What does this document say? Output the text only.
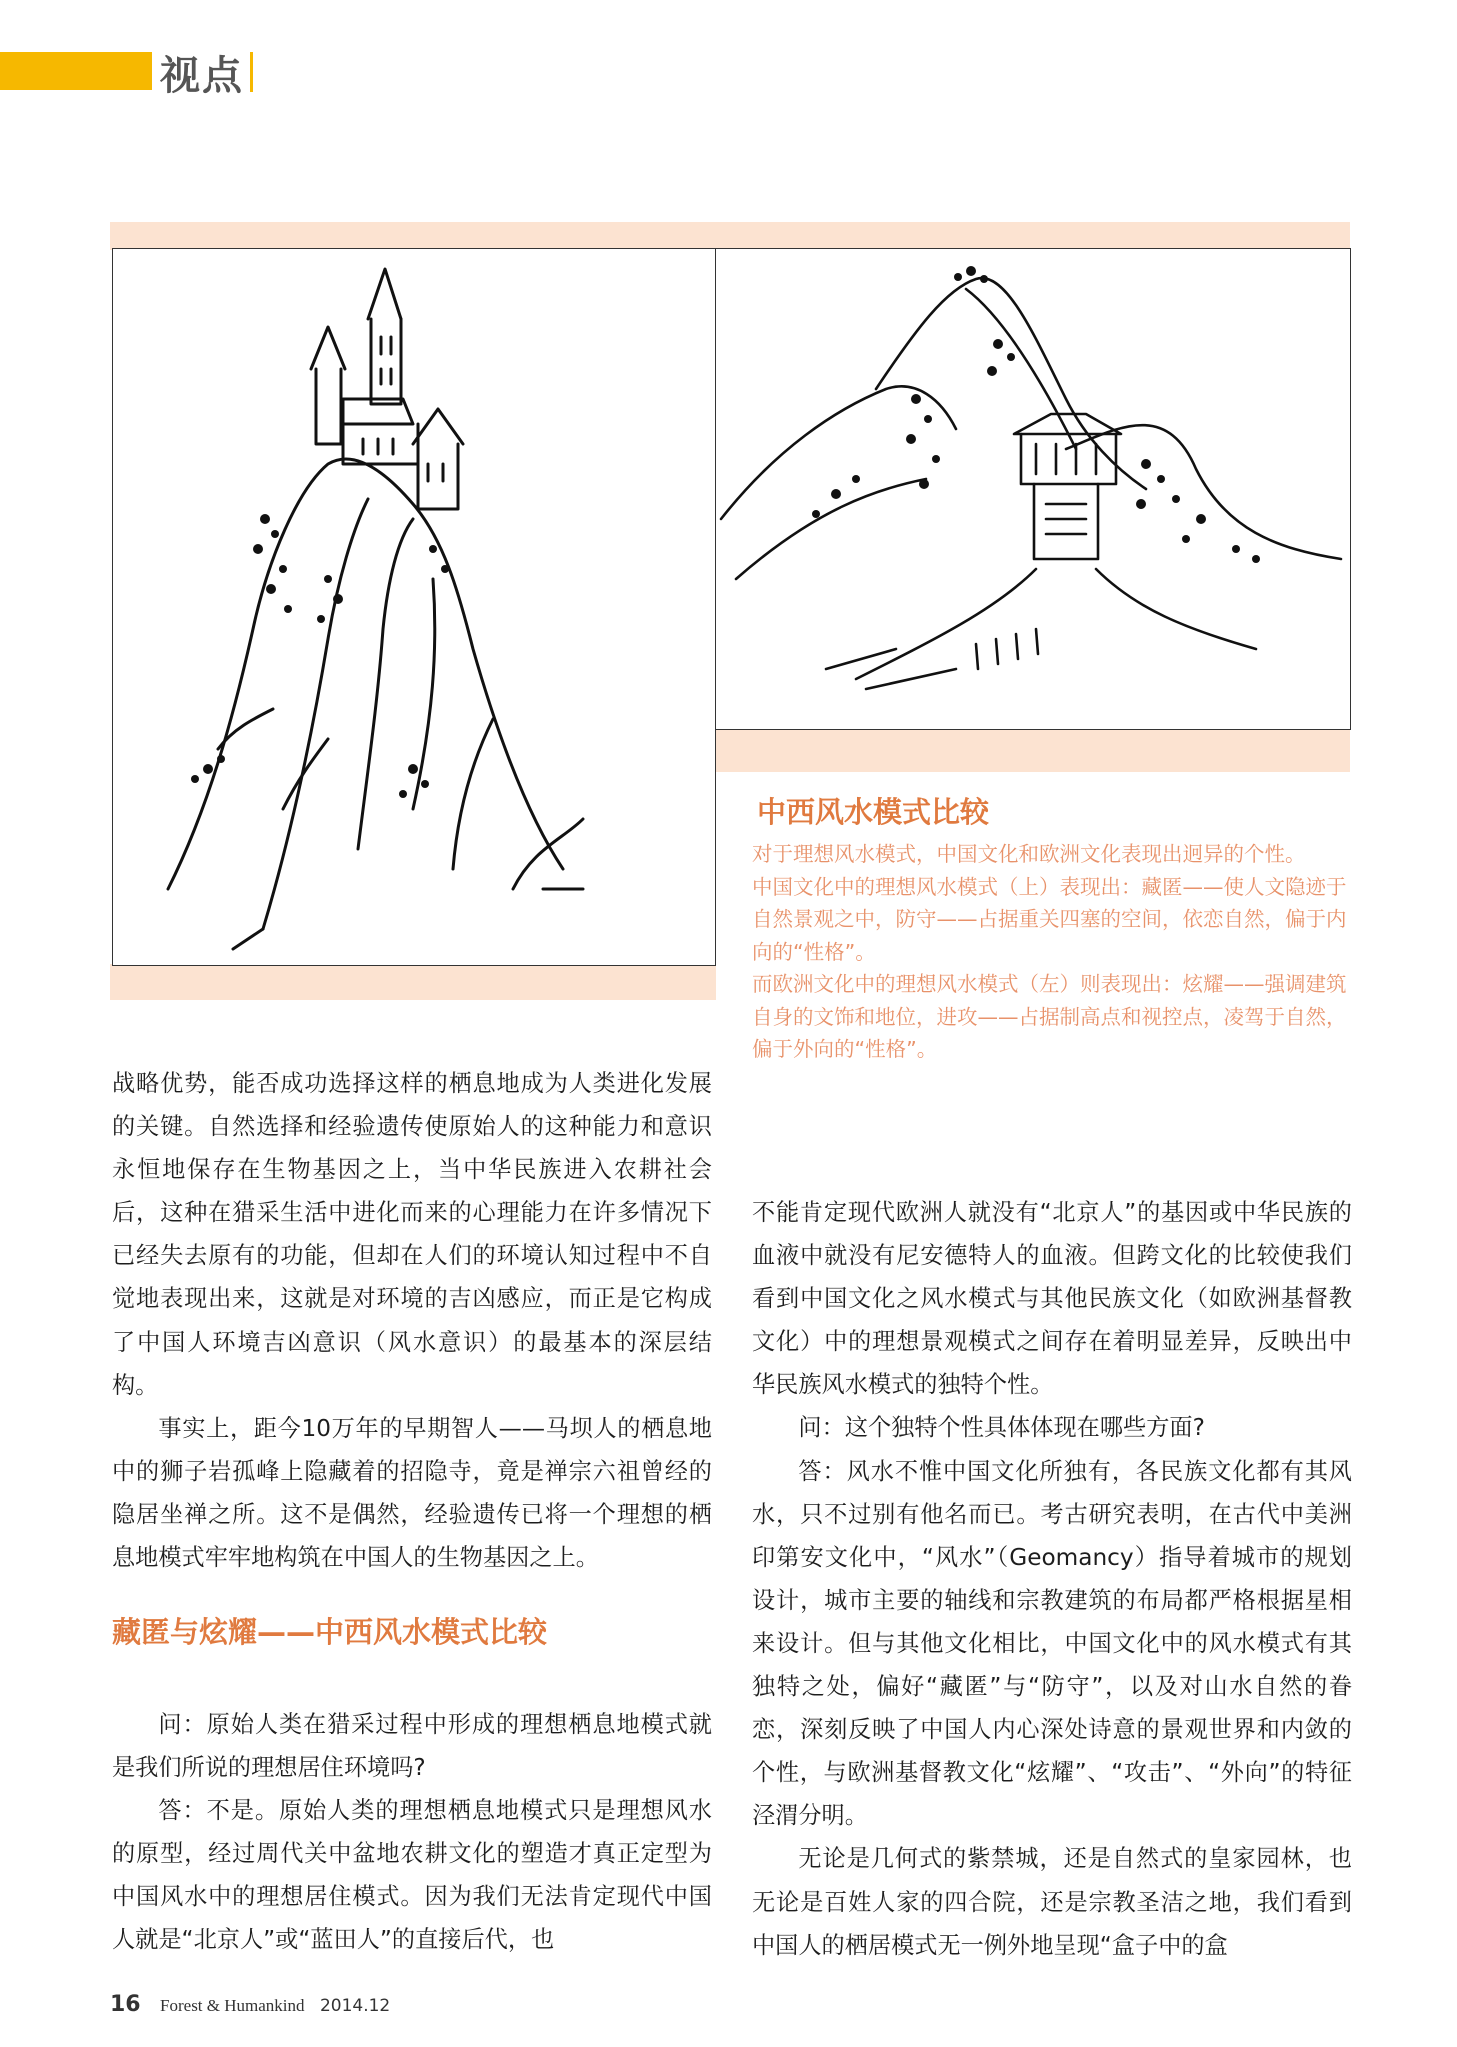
视点
中西风水模式比较

对于理想风水模式，中国文化和欧洲文化表现出迥异的个性。

中国文化中的理想风水模式（上）表现出：藏匿——使人文隐迹于自然景观之中，防守——占据重关四塞的空间，依恋自然，偏于内向的“性格”。

而欧洲文化中的理想风水模式（左）则表现出：炫耀——强调建筑自身的文饰和地位，进攻——占据制高点和视控点，凌驾于自然，偏于外向的“性格”。

战略优势，能否成功选择这样的栖息地成为人类进化发展的关键。自然选择和经验遗传使原始人的这种能力和意识永恒地保存在生物基因之上，当中华民族进入农耕社会后，这种在猎采生活中进化而来的心理能力在许多情况下已经失去原有的功能，但却在人们的环境认知过程中不自觉地表现出来，这就是对环境的吉凶感应，而正是它构成了中国人环境吉凶意识（风水意识）的最基本的深层结构。

事实上，距今10万年的早期智人——马坝人的栖息地中的狮子岩孤峰上隐藏着的招隐寺，竟是禅宗六祖曾经的隐居坐禅之所。这不是偶然，经验遗传已将一个理想的栖息地模式牢牢地构筑在中国人的生物基因之上。

藏匿与炫耀——中西风水模式比较

问：原始人类在猎采过程中形成的理想栖息地模式就是我们所说的理想居住环境吗?

答：不是。原始人类的理想栖息地模式只是理想风水的原型，经过周代关中盆地农耕文化的塑造才真正定型为中国风水中的理想居住模式。因为我们无法肯定现代中国人就是“北京人”或“蓝田人”的直接后代，也

不能肯定现代欧洲人就没有“北京人”的基因或中华民族的血液中就没有尼安德特人的血液。但跨文化的比较使我们看到中国文化之风水模式与其他民族文化（如欧洲基督教文化）中的理想景观模式之间存在着明显差异，反映出中华民族风水模式的独特个性。

问：这个独特个性具体体现在哪些方面?

答：风水不惟中国文化所独有，各民族文化都有其风水，只不过别有他名而已。考古研究表明，在古代中美洲印第安文化中，“风水”（Geomancy）指导着城市的规划设计，城市主要的轴线和宗教建筑的布局都严格根据星相来设计。但与其他文化相比，中国文化中的风水模式有其独特之处，偏好“藏匿”与“防守”，以及对山水自然的眷恋，深刻反映了中国人内心深处诗意的景观世界和内敛的个性，与欧洲基督教文化“炫耀”、“攻击”、“外向”的特征泾渭分明。

无论是几何式的紫禁城，还是自然式的皇家园林，也无论是百姓人家的四合院，还是宗教圣洁之地，我们看到中国人的栖居模式无一例外地呈现“盒子中的盒

16 Forest & Humankind 2014.12
